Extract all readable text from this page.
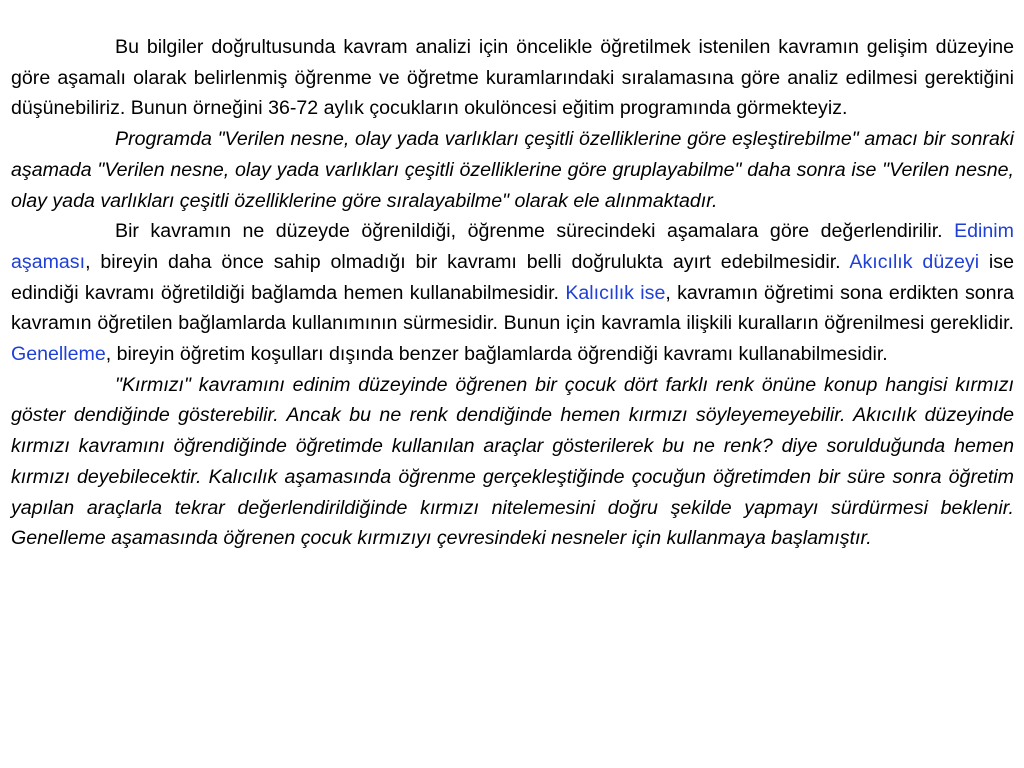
Bu bilgiler doğrultusunda kavram analizi için öncelikle öğretilmek istenilen kavramın gelişim düzeyine göre aşamalı olarak belirlenmiş öğrenme ve öğretme kuramlarındaki sıralamasına göre analiz edilmesi gerektiğini düşünebiliriz. Bunun örneğini 36-72 aylık çocukların okulöncesi eğitim programında görmekteyiz.

Programda "Verilen nesne, olay yada varlıkları çeşitli özelliklerine göre eşleştirebilme" amacı bir sonraki aşamada "Verilen nesne, olay yada varlıkları çeşitli özelliklerine göre gruplayabilme" daha sonra ise "Verilen nesne, olay yada varlıkları çeşitli özelliklerine göre sıralayabilme" olarak ele alınmaktadır.

Bir kavramın ne düzeyde öğrenildiği, öğrenme sürecindeki aşamalara göre değerlendirilir. Edinim aşaması, bireyin daha önce sahip olmadığı bir kavramı belli doğrulukta ayırt edebilmesidir. Akıcılık düzeyi ise edindiği kavramı öğretildiği bağlamda hemen kullanabilmesidir. Kalıcılık ise, kavramın öğretimi sona erdikten sonra kavramın öğretilen bağlamlarda kullanımının sürmesidir. Bunun için kavramla ilişkili kuralların öğrenilmesi gereklidir. Genelleme, bireyin öğretim koşulları dışında benzer bağlamlarda öğrendiği kavramı kullanabilmesidir.

"Kırmızı" kavramını edinim düzeyinde öğrenen bir çocuk dört farklı renk önüne konup hangisi kırmızı göster dendiğinde gösterebilir. Ancak bu ne renk dendiğinde hemen kırmızı söyleyemeyebilir. Akıcılık düzeyinde kırmızı kavramını öğrendiğinde öğretimde kullanılan araçlar gösterilerek bu ne renk? diye sorulduğunda hemen kırmızı deyebilecektir. Kalıcılık aşamasında öğrenme gerçekleştiğinde çocuğun öğretimden bir süre sonra öğretim yapılan araçlarla tekrar değerlendirildiğinde kırmızı nitelemesini doğru şekilde yapmayı sürdürmesi beklenir. Genelleme aşamasında öğrenen çocuk kırmızıyı çevresindeki nesneler için kullanmaya başlamıştır.
